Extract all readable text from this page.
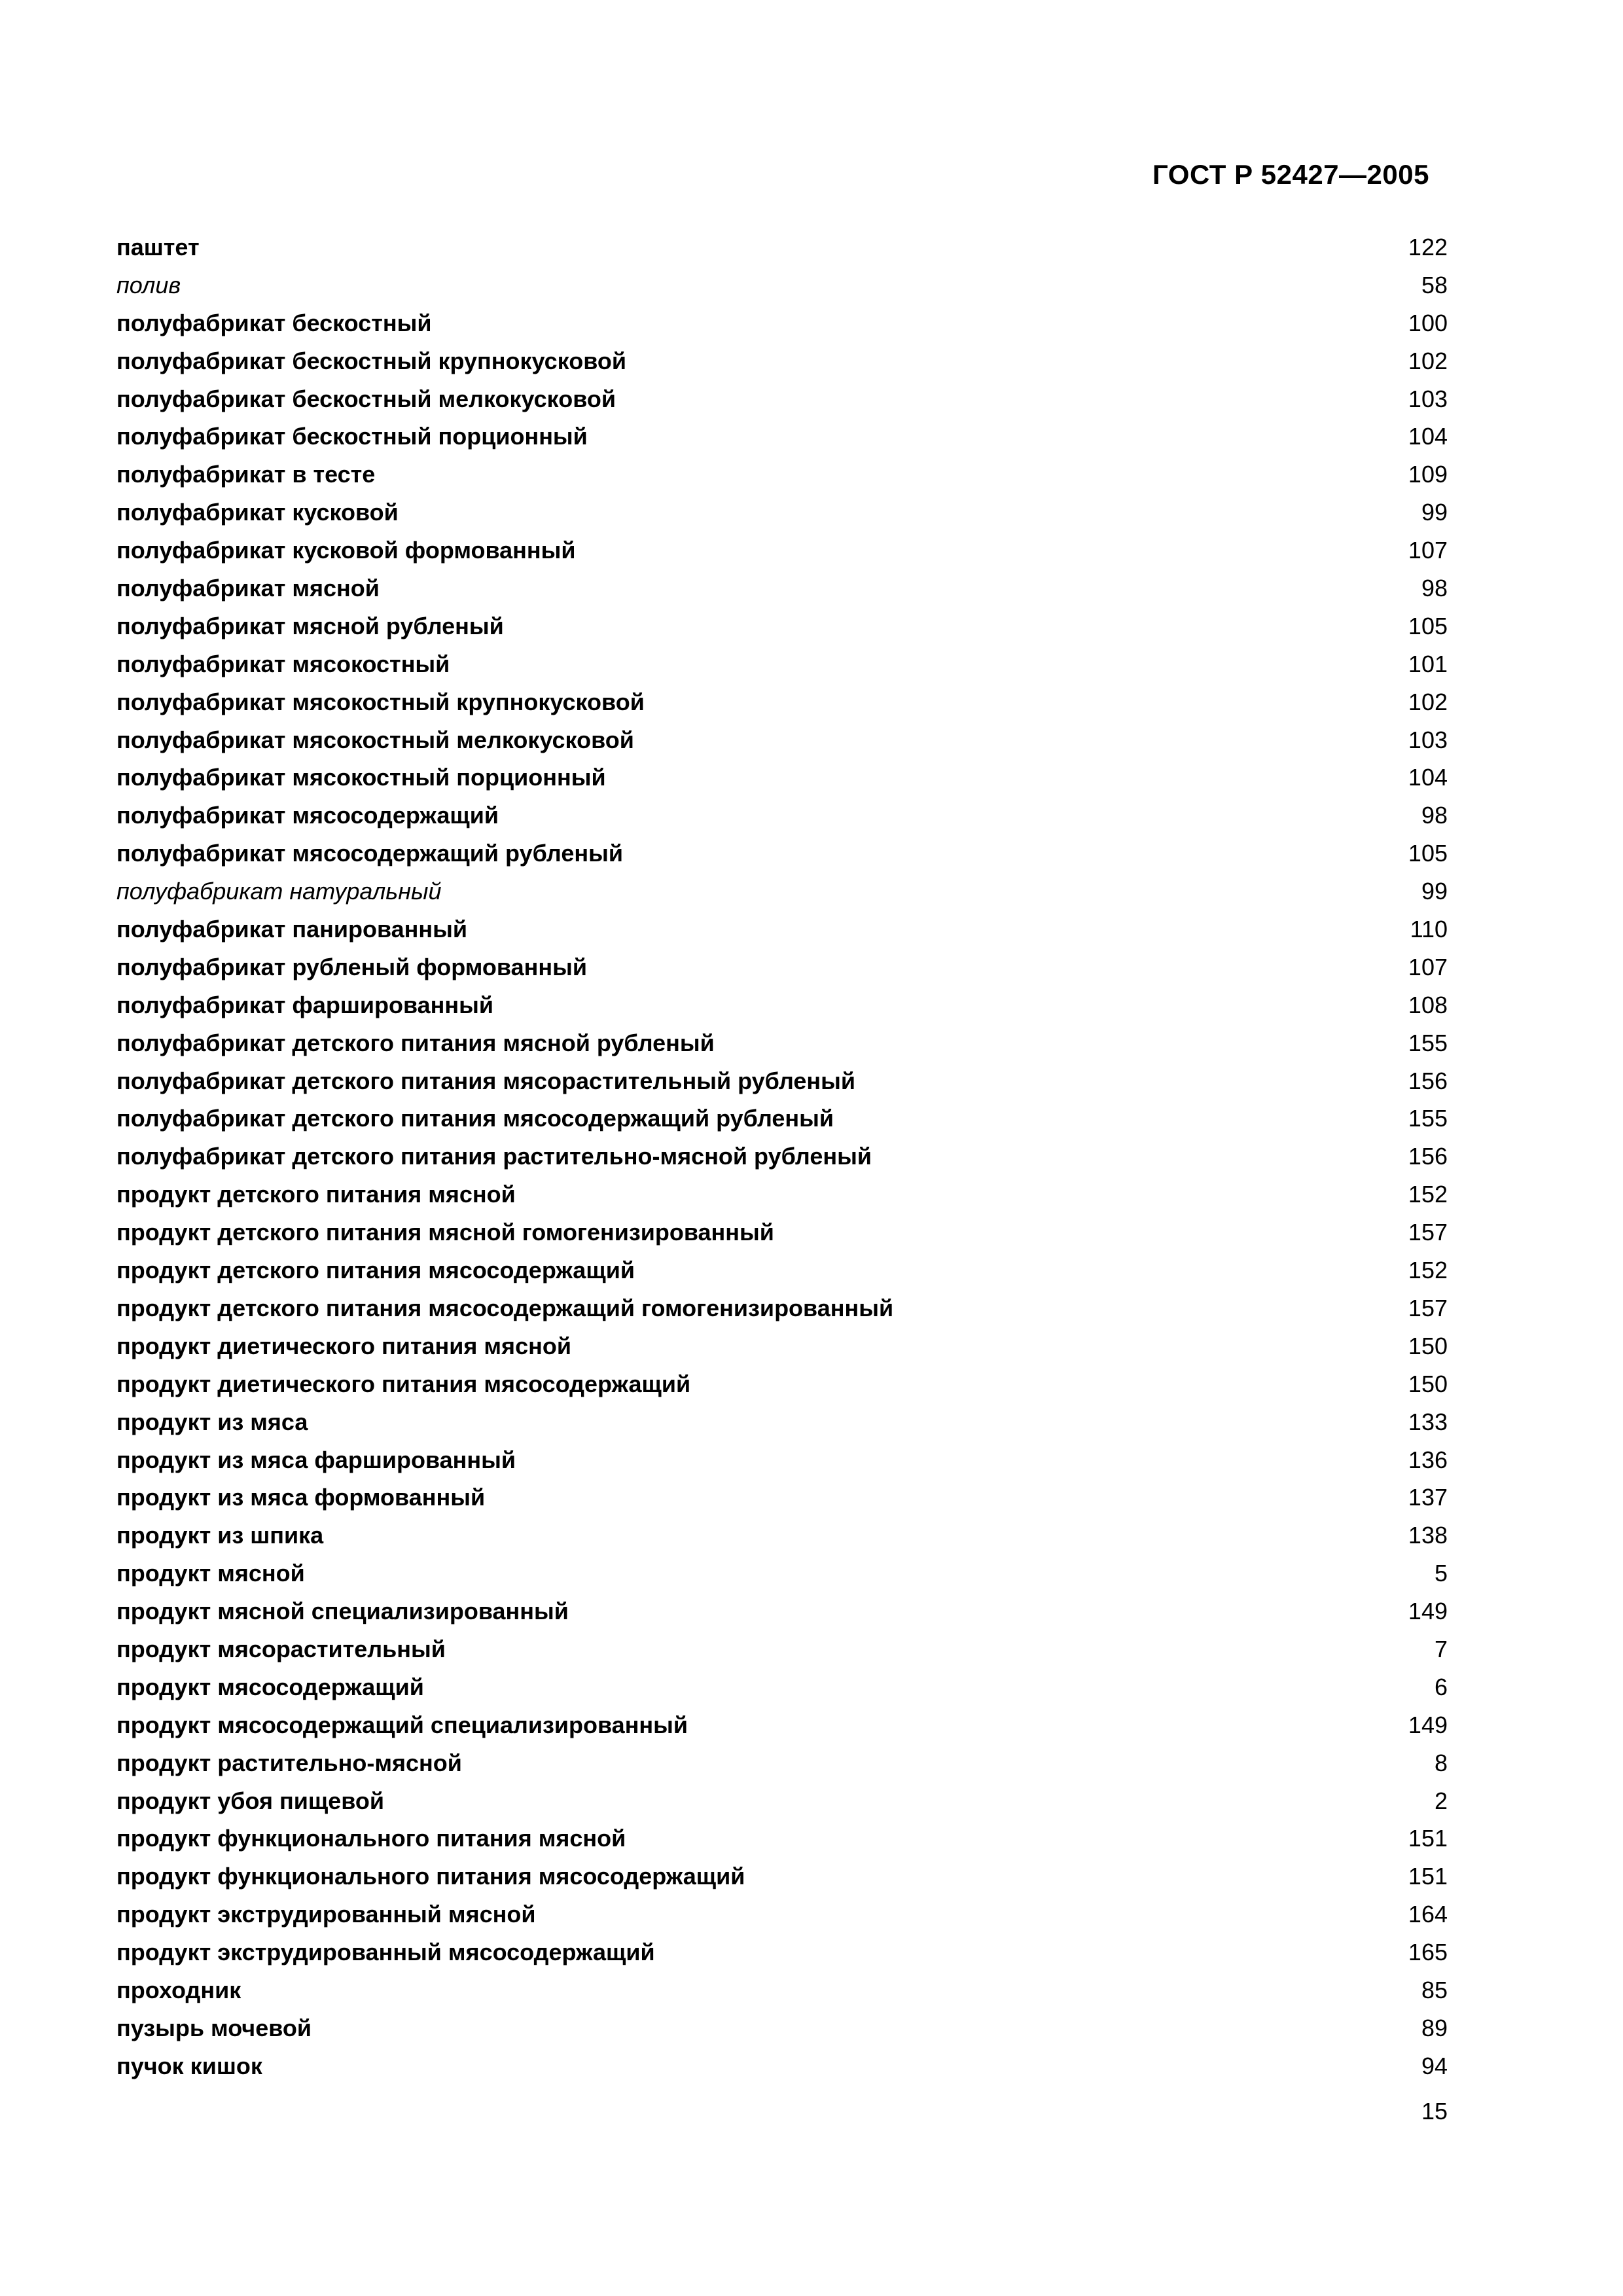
ГОСТ Р 52427—2005
паштет	122
полив	58
полуфабрикат бескостный	100
полуфабрикат бескостный крупнокусковой	102
полуфабрикат бескостный мелкокусковой	103
полуфабрикат бескостный порционный	104
полуфабрикат в тесте	109
полуфабрикат кусковой	99
полуфабрикат кусковой формованный	107
полуфабрикат мясной	98
полуфабрикат мясной рубленый	105
полуфабрикат мясокостный	101
полуфабрикат мясокостный крупнокусковой	102
полуфабрикат мясокостный мелкокусковой	103
полуфабрикат мясокостный порционный	104
полуфабрикат мясосодержащий	98
полуфабрикат мясосодержащий рубленый	105
полуфабрикат натуральный	99
полуфабрикат панированный	110
полуфабрикат рубленый формованный	107
полуфабрикат фаршированный	108
полуфабрикат детского питания мясной рубленый	155
полуфабрикат детского питания мясорастительный рубленый	156
полуфабрикат детского питания мясосодержащий рубленый	155
полуфабрикат детского питания растительно-мясной рубленый	156
продукт детского питания мясной	152
продукт детского питания мясной гомогенизированный	157
продукт детского питания мясосодержащий	152
продукт детского питания мясосодержащий гомогенизированный	157
продукт диетического питания мясной	150
продукт диетического питания мясосодержащий	150
продукт из мяса	133
продукт из мяса фаршированный	136
продукт из мяса формованный	137
продукт из шпика	138
продукт мясной	5
продукт мясной специализированный	149
продукт мясорастительный	7
продукт мясосодержащий	6
продукт мясосодержащий специализированный	149
продукт растительно-мясной	8
продукт убоя пищевой	2
продукт функционального питания мясной	151
продукт функционального питания мясосодержащий	151
продукт экструдированный мясной	164
продукт экструдированный мясосодержащий	165
проходник	85
пузырь мочевой	89
пучок кишок	94
15
